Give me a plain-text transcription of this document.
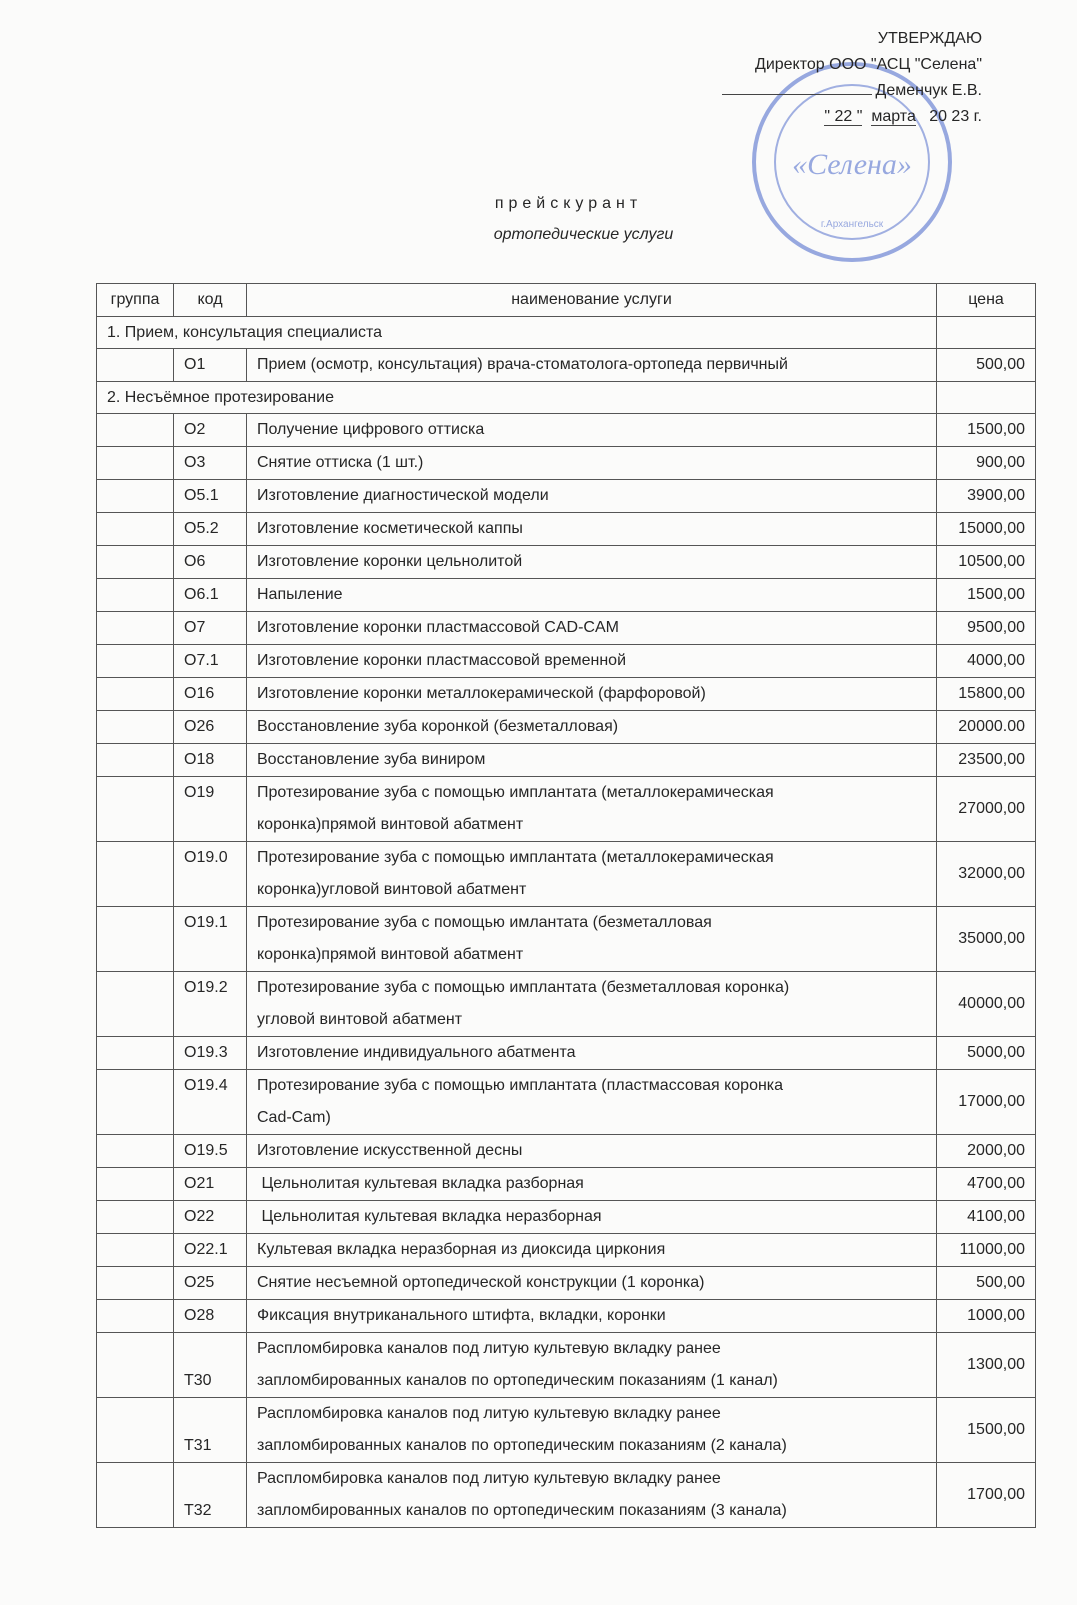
«Селена»
г.Архангельск
УТВЕРЖДАЮ
Директор ООО "АСЦ "Селена"
Деменчук Е.В.
" 22 " марта 20 23 г.
прейскурант
ортопедические услуги
группа	код	наименование услуги	цена
1. Прием, консультация специалиста			
	О1	Прием (осмотр, консультация) врача-стоматолога-ортопеда первичный	500,00
2. Несъёмное протезирование			
	О2	Получение цифрового оттиска	1500,00
	О3	Снятие оттиска (1 шт.)	900,00
	О5.1	Изготовление диагностической модели	3900,00
	О5.2	Изготовление косметической каппы	15000,00
	О6	Изготовление коронки цельнолитой	10500,00
	О6.1	Напыление	1500,00
	О7	Изготовление коронки пластмассовой CAD-CAM	9500,00
	О7.1	Изготовление коронки пластмассовой временной	4000,00
	О16	Изготовление коронки металлокерамической (фарфоровой)	15800,00
	О26	Восстановление зуба коронкой (безметалловая)	20000.00
	О18	Восстановление зуба виниром	23500,00
	О19	Протезирование зуба с помощью имплантата (металлокерамическая
коронка)прямой винтовой абатмент	27000,00
	О19.0	Протезирование зуба с помощью имплантата (металлокерамическая
коронка)угловой винтовой абатмент	32000,00
	О19.1	Протезирование зуба с помощью имлантата (безметалловая
коронка)прямой винтовой абатмент	35000,00
	О19.2	Протезирование зуба с помощью имплантата (безметалловая коронка)
угловой винтовой абатмент	40000,00
	О19.3	Изготовление индивидуального абатмента	5000,00
	О19.4	Протезирование зуба с помощью имплантата (пластмассовая коронка
Cad-Cam)	17000,00
	О19.5	Изготовление искусственной десны	2000,00
	О21	Цельнолитая культевая вкладка разборная	4700,00
	О22	Цельнолитая культевая вкладка неразборная	4100,00
	О22.1	Культевая вкладка неразборная из диоксида циркония	11000,00
	О25	Снятие несъемной ортопедической конструкции (1 коронка)	500,00
	О28	Фиксация внутриканального штифта, вкладки, коронки	1000,00
	Т30	Распломбировка каналов под литую культевую вкладку ранее
запломбированных каналов по ортопедическим показаниям (1 канал)	1300,00
	Т31	Распломбировка каналов под литую культевую вкладку ранее
запломбированных каналов по ортопедическим показаниям (2 канала)	1500,00
	Т32	Распломбировка каналов под литую культевую вкладку ранее
запломбированных каналов по ортопедическим показаниям (3 канала)	1700,00
